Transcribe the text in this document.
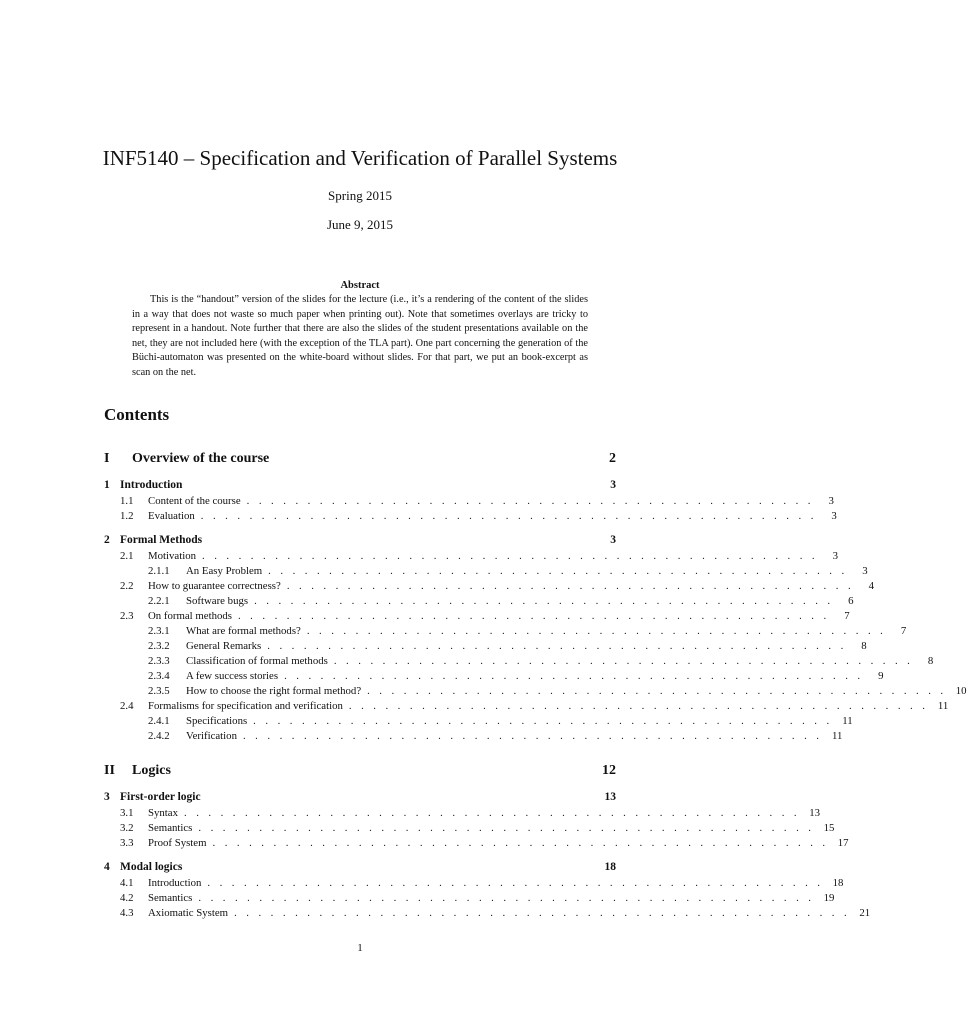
INF5140 – Specification and Verification of Parallel Systems
Spring 2015
June 9, 2015
Abstract
This is the “handout” version of the slides for the lecture (i.e., it’s a rendering of the content of the slides in a way that does not waste so much paper when printing out). Note that sometimes overlays are tricky to represent in a handout. Note further that there are also the slides of the student presentations available on the net, they are not included here (with the exception of the TLA part). One part concerning the generation of the Büchi-automaton was presented on the white-board without slides. For that part, we put an book-excerpt as scan on the net.
Contents
I	Overview of the course	2
1 Introduction	3
1.1	Content of the course . . . . . . . . . . . . . . . . . . . . . . . . . . . . . . . . . . . . . . . . . . . . . . .	3
1.2	Evaluation . . . . . . . . . . . . . . . . . . . . . . . . . . . . . . . . . . . . . . . . . . . . . . . . . . .	3
2 Formal Methods	3
2.1	Motivation . . . . . . . . . . . . . . . . . . . . . . . . . . . . . . . . . . . . . . . . . . . . . . . . . . .	3
2.1.1	An Easy Problem . . . . . . . . . . . . . . . . . . . . . . . . . . . . . . . . . . . . . . . . . . . . . . . .	3
2.2	How to guarantee correctness? . . . . . . . . . . . . . . . . . . . . . . . . . . . . . . . . . . . . . . . . . . . . . . .	4
2.2.1	Software bugs . . . . . . . . . . . . . . . . . . . . . . . . . . . . . . . . . . . . . . . . . . . . . . . .	6
2.3	On formal methods . . . . . . . . . . . . . . . . . . . . . . . . . . . . . . . . . . . . . . . . . . . . . . . . .	7
2.3.1	What are formal methods? . . . . . . . . . . . . . . . . . . . . . . . . . . . . . . . . . . . . . . . . . . . . . . . .	7
2.3.2	General Remarks . . . . . . . . . . . . . . . . . . . . . . . . . . . . . . . . . . . . . . . . . . . . . . . .	8
2.3.3	Classification of formal methods . . . . . . . . . . . . . . . . . . . . . . . . . . . . . . . . . . . . . . . . . . . . . . . .	8
2.3.4	A few success stories . . . . . . . . . . . . . . . . . . . . . . . . . . . . . . . . . . . . . . . . . . . . . . . .	9
2.3.5	How to choose the right formal method? . . . . . . . . . . . . . . . . . . . . . . . . . . . . . . . . . . . . . . . . . . . . . . . . 10
2.4	Formalisms for specification and verification . . . . . . . . . . . . . . . . . . . . . . . . . . . . . . . . . . . . . . . . . . . . . . . . 11
2.4.1	Specifications . . . . . . . . . . . . . . . . . . . . . . . . . . . . . . . . . . . . . . . . . . . . . . . . 11
2.4.2	Verification . . . . . . . . . . . . . . . . . . . . . . . . . . . . . . . . . . . . . . . . . . . . . . . . 11
II	Logics	12
3 First-order logic	13
3.1	Syntax . . . . . . . . . . . . . . . . . . . . . . . . . . . . . . . . . . . . . . . . . . . . . . . . . . . 13
3.2	Semantics . . . . . . . . . . . . . . . . . . . . . . . . . . . . . . . . . . . . . . . . . . . . . . . . . . . 15
3.3	Proof System . . . . . . . . . . . . . . . . . . . . . . . . . . . . . . . . . . . . . . . . . . . . . . . . . . . 17
4 Modal logics	18
4.1	Introduction . . . . . . . . . . . . . . . . . . . . . . . . . . . . . . . . . . . . . . . . . . . . . . . . . . . 18
4.2	Semantics . . . . . . . . . . . . . . . . . . . . . . . . . . . . . . . . . . . . . . . . . . . . . . . . . . . 19
4.3	Axiomatic System . . . . . . . . . . . . . . . . . . . . . . . . . . . . . . . . . . . . . . . . . . . . . . . . . . . 21
1
